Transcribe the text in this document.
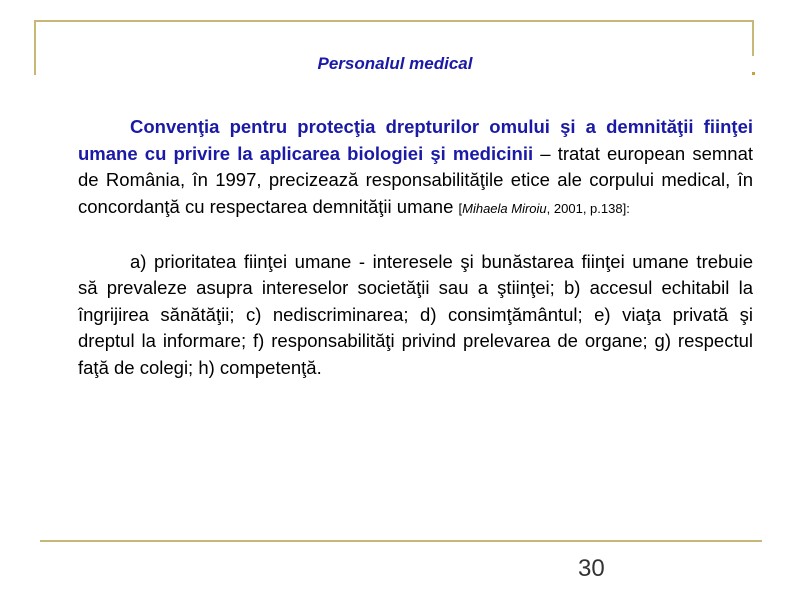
Personalul medical

Convenţia pentru protecţia drepturilor omului şi a demnităţii fiinţei umane cu privire la aplicarea biologiei şi medicinii – tratat european semnat de România, în 1997, precizează responsabilităţile etice ale corpului medical, în concordanţă cu respectarea demnităţii umane [Mihaela Miroiu, 2001, p.138]:

a) prioritatea fiinţei umane - interesele şi bunăstarea fiinţei umane trebuie să prevaleze asupra intereselor societăţii sau a ştiinţei; b) accesul echitabil la îngrijirea sănătăţii; c) nediscriminarea; d) consimţământul; e) viaţa privată şi dreptul la informare; f) responsabilităţi privind prelevarea de organe; g) respectul faţă de colegi; h) competenţă.

30
